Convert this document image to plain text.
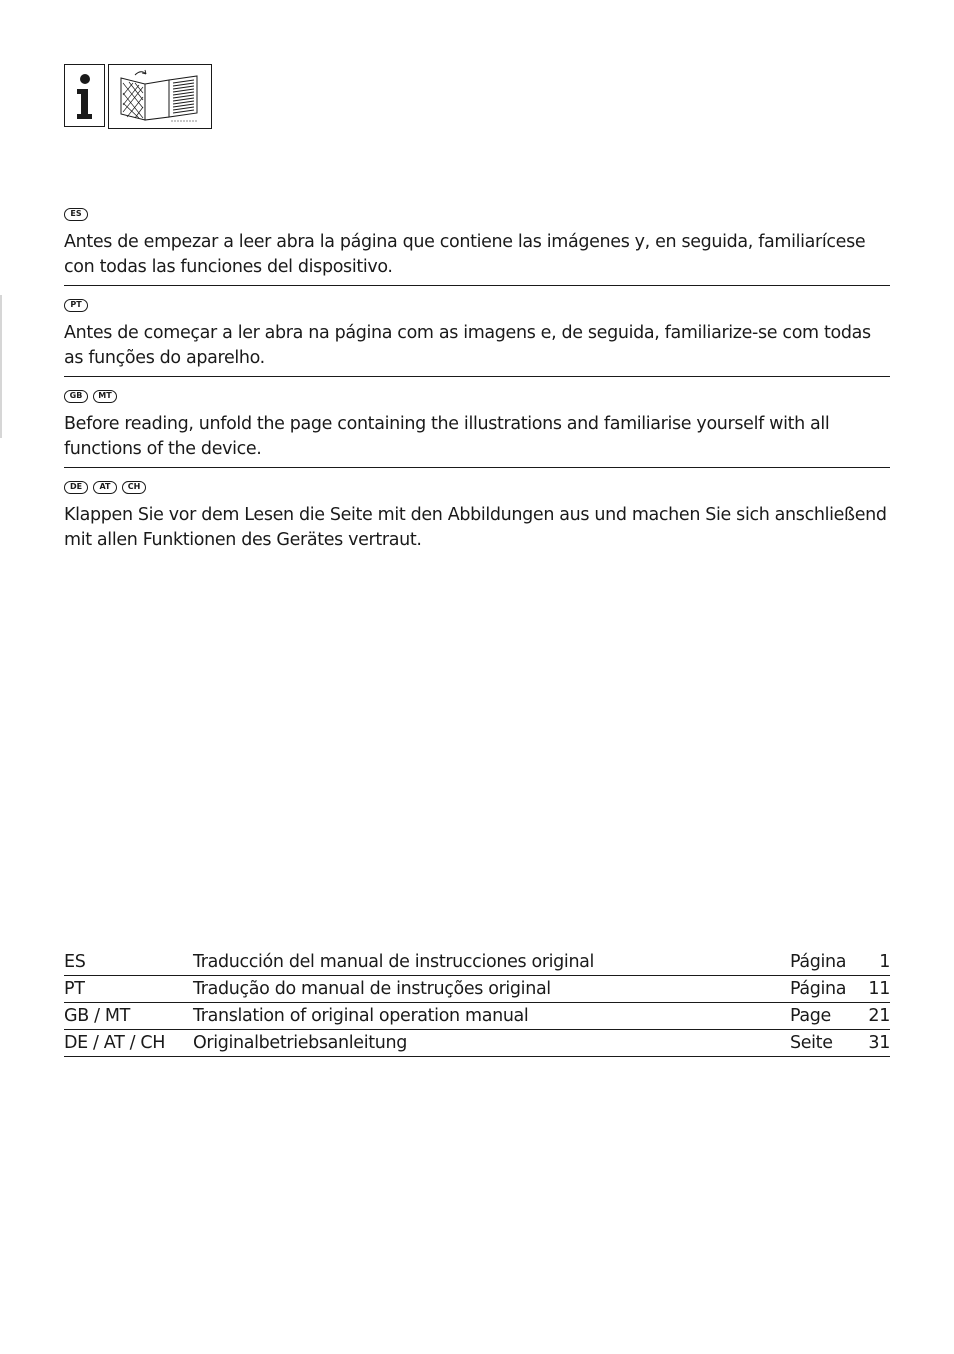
ES
Antes de empezar a leer abra la página que contiene las imágenes y, en seguida, familiarícese con todas las funciones del dispositivo.
PT
Antes de começar a ler abra na página com as imagens e, de seguida, familiarize-se com todas as funções do aparelho.
GB	MT
Before reading, unfold the page containing the illustrations and familiarise yourself with all functions of the device.
DE	AT	CH
Klappen Sie vor dem Lesen die Seite mit den Abbildungen aus und machen Sie sich anschließend mit allen Funktionen des Gerätes vertraut.
ES	Traducción del manual de instrucciones original	Página	1
PT	Tradução do manual de instruções original	Página	11
GB / MT	Translation of original operation manual	Page	21
DE / AT / CH	Originalbetriebsanleitung	Seite	31
